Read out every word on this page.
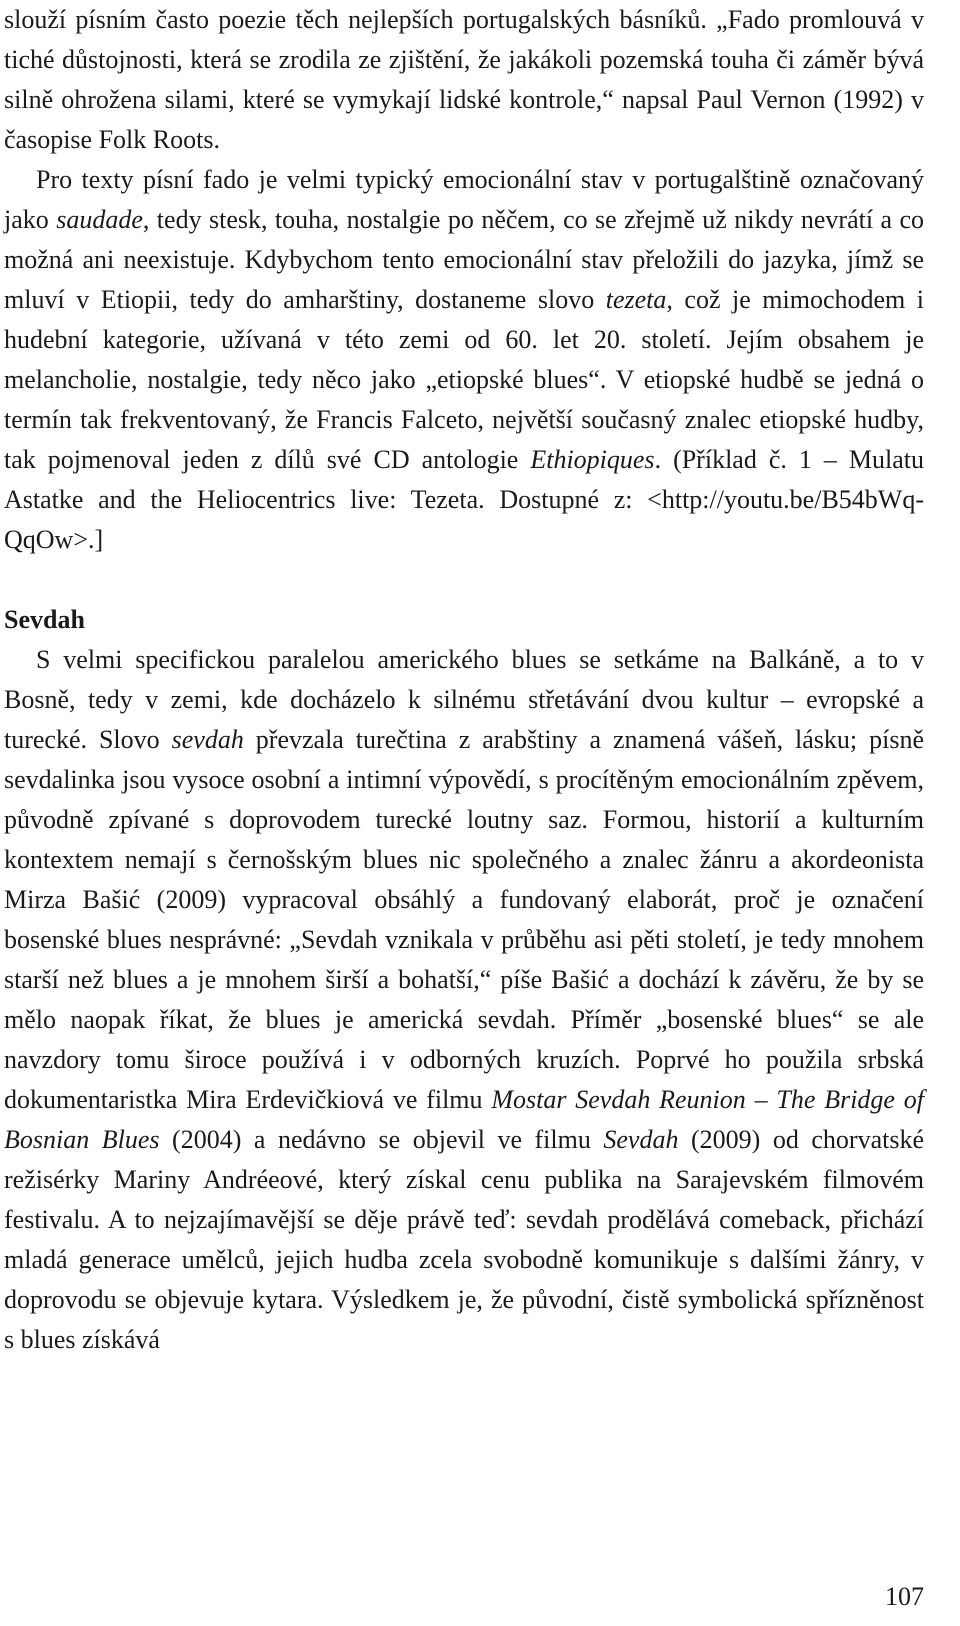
slouží písním často poezie těch nejlepších portugalských básníků. „Fado promlouvá v tiché důstojnosti, která se zrodila ze zjištění, že jakákoli pozemská touha či záměr bývá silně ohrožena silami, které se vymykají lidské kontrole,“ napsal Paul Vernon (1992) v časopise Folk Roots.

Pro texty písní fado je velmi typický emocionální stav v portugalštině označovaný jako saudade, tedy stesk, touha, nostalgie po něčem, co se zřejmě už nikdy nevrátí a co možná ani neexistuje. Kdybychom tento emocionální stav přeložili do jazyka, jímž se mluví v Etiopii, tedy do amharštiny, dostaneme slovo tezeta, což je mimochodem i hudební kategorie, užívaná v této zemi od 60. let 20. století. Jejím obsahem je melancholie, nostalgie, tedy něco jako „etiopské blues“. V etiopské hudbě se jedná o termín tak frekventovaný, že Francis Falceto, největší současný znalec etiopské hudby, tak pojmenoval jeden z dílů své CD antologie Ethiopiques. (Příklad č. 1 – Mulatu Astatke and the Heliocentrics live: Tezeta. Dostupné z: <http://youtu.be/B54bWq-QqOw>.]

Sevdah

S velmi specifickou paralelou amerického blues se setkáme na Balkáně, a to v Bosně, tedy v zemi, kde docházelo k silnému střetávání dvou kultur – evropské a turecké. Slovo sevdah převzala turečtina z arabštiny a znamená vášeň, lásku; písně sevdalinka jsou vysoce osobní a intimní výpovědí, s procítěným emocionálním zpěvem, původně zpívané s doprovodem turecké loutny saz. Formou, historií a kulturním kontextem nemají s černošským blues nic společného a znalec žánru a akordeonista Mirza Bašić (2009) vypracoval obsáhlý a fundovaný elaborát, proč je označení bosenské blues nesprávné: „Sevdah vznikala v průběhu asi pěti století, je tedy mnohem starší než blues a je mnohem širší a bohatší,“ píše Bašić a dochází k závěru, že by se mělo naopak říkat, že blues je americká sevdah. Příměr „bosenské blues“ se ale navzdory tomu široce používá i v odborných kruzích. Poprvé ho použila srbská dokumentaristka Mira Erdevičkiová ve filmu Mostar Sevdah Reunion – The Bridge of Bosnian Blues (2004) a nedávno se objevil ve filmu Sevdah (2009) od chorvatské režisérky Mariny Andréeové, který získal cenu publika na Sarajevském filmovém festivalu. A to nejzajímavější se děje právě teď: sevdah prodělává comeback, přichází mladá generace umělců, jejich hudba zcela svobodně komunikuje s dalšími žánry, v doprovodu se objevuje kytara. Výsledkem je, že původní, čistě symbolická spřízněnost s blues získává

107
